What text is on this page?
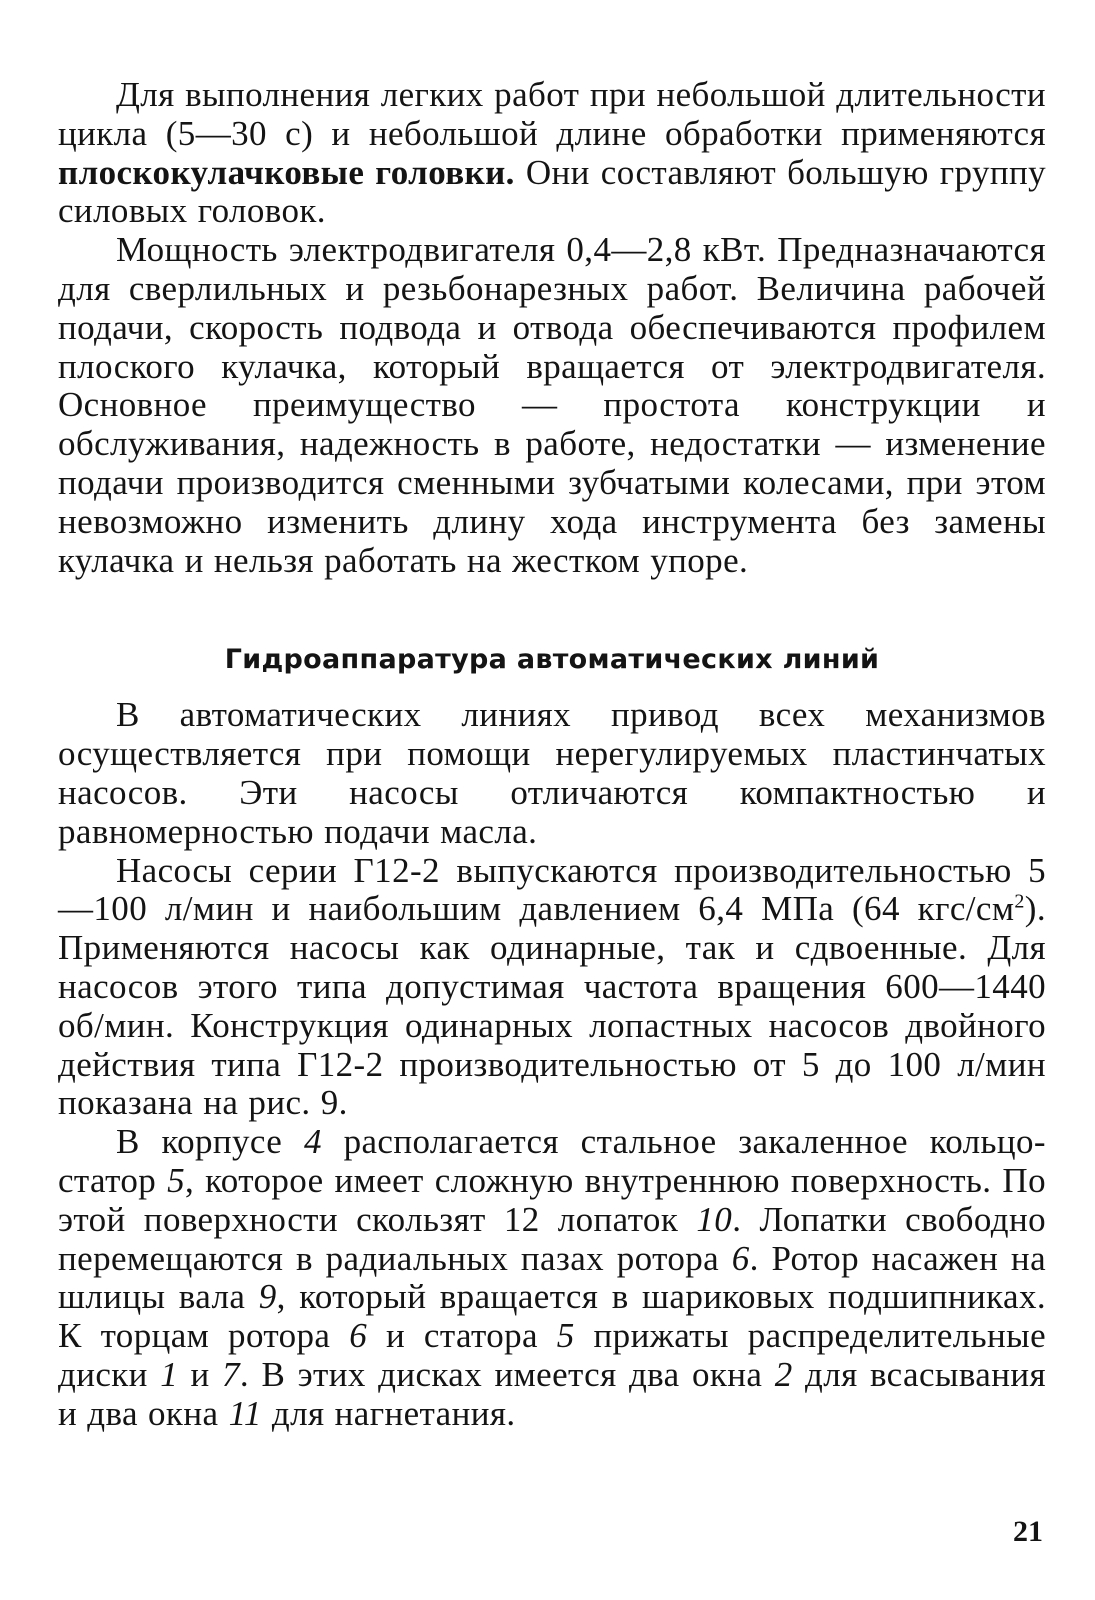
Для выполнения легких работ при небольшой длительности цикла (5—30 с) и небольшой длине обработки применяются плоскокулачковые головки. Они составляют большую группу силовых головок.

Мощность электродвигателя 0,4—2,8 кВт. Предназначаются для сверлильных и резьбонарезных работ. Величина рабочей подачи, скорость подвода и отвода обеспечиваются профилем плоского кулачка, который вращается от электродвигателя. Основное преимущество — простота конструкции и обслуживания, надежность в работе, недостатки — изменение подачи производится сменными зубчатыми колесами, при этом невозможно изменить длину хода инструмента без замены кулачка и нельзя работать на жестком упоре.

Гидроаппаратура автоматических линий

В автоматических линиях привод всех механизмов осуществляется при помощи нерегулируемых пластинчатых насосов. Эти насосы отличаются компактностью и равномерностью подачи масла.

Насосы серии Г12-2 выпускаются производительностью 5—100 л/мин и наибольшим давлением 6,4 МПа (64 кгс/$см^2$). Применяются насосы как одинарные, так и сдвоенные. Для насосов этого типа допустимая частота вращения 600—1440 об/мин. Конструкция одинарных лопастных насосов двойного действия типа Г12-2 производительностью от 5 до 100 л/мин показана на рис. 9.

В корпусе 4 располагается стальное закаленное кольцо-статор 5, которое имеет сложную внутреннюю поверхность. По этой поверхности скользят 12 лопаток 10. Лопатки свободно перемещаются в радиальных пазах ротора 6. Ротор насажен на шлицы вала 9, который вращается в шариковых подшипниках. К торцам ротора 6 и статора 5 прижаты распределительные диски 1 и 7. В этих дисках имеется два окна 2 для всасывания и два окна 11 для нагнетания.

21
